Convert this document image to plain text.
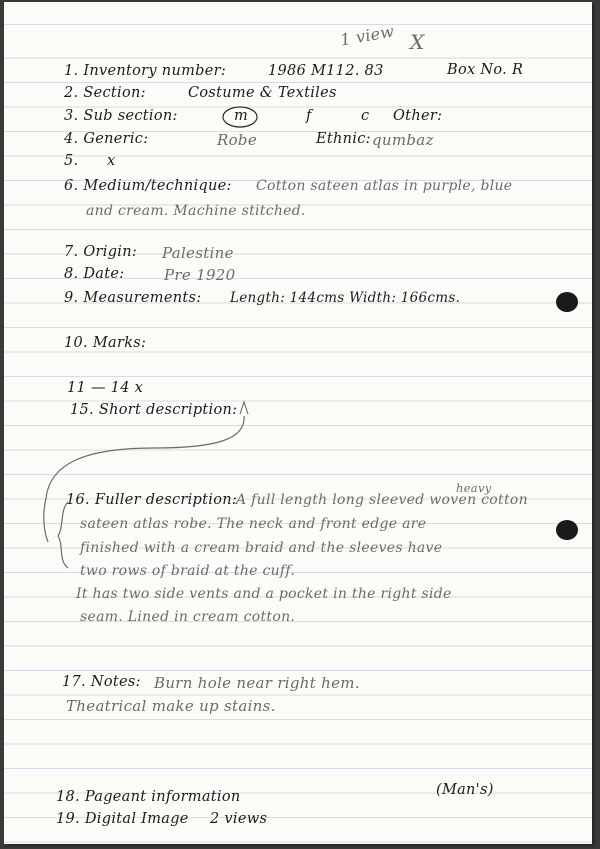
1 view X
1. Inventory number:	1986 M112. 83	Box No. R
2. Section:	Costume & Textiles
3. Sub section:	m	f	c Other:
4. Generic:	Robe	Ethnic: qumbaz
5. x
6. Medium/technique: Cotton sateen atlas in purple, blue
and cream. Machine stitched.
7. Origin: Palestine
8. Date:	Pre 1920
9. Measurements: Length: 144cms Width: 166cms.
10. Marks:
11 — 14 x
15. Short description:
heavy
16. Fuller description:
A full length long sleeved woven cotton
sateen atlas robe. The neck and front edge are
finished with a cream braid and the sleeves have
two rows of braid at the cuff.
It has two side vents and a pocket in the right side
seam. Lined in cream cotton.
17. Notes: Burn hole near right hem.
Theatrical make up stains.
18. Pageant information	(Man's)
19. Digital Image 2 views
